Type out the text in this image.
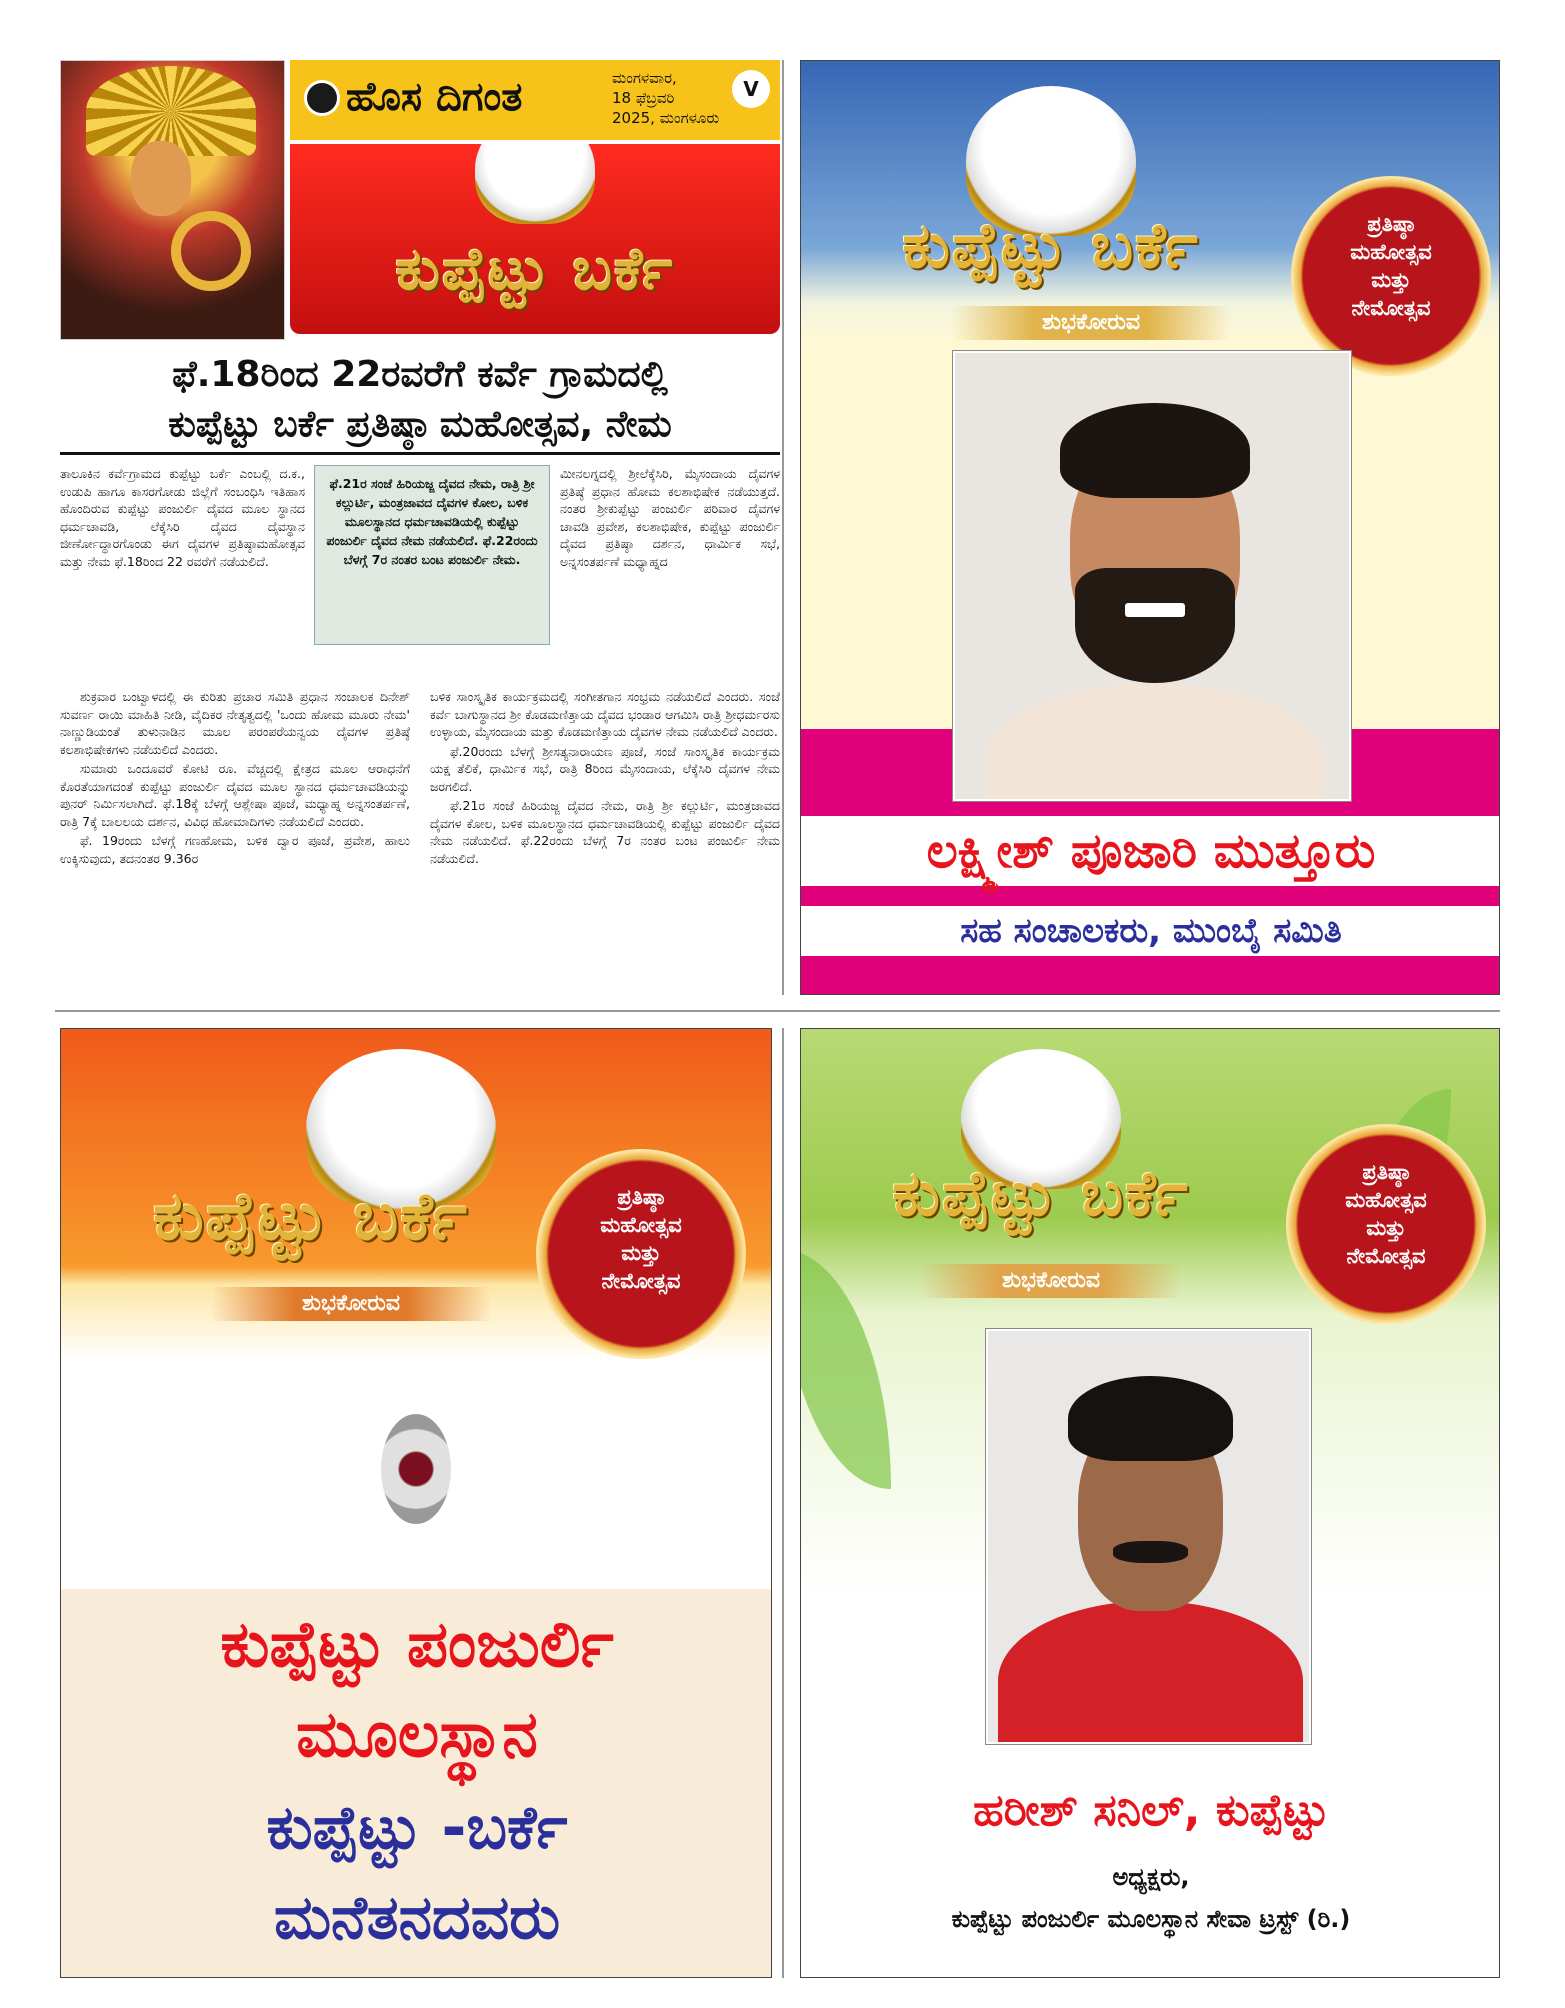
ಹೊಸ ದಿಗಂತ	ಮಂಗಳವಾರ,
18 ಫೆಬ್ರವರಿ
2025, ಮಂಗಳೂರು
V
ಕುಪ್ಪೆಟ್ಟು ಬರ್ಕೆ
ಫೆ.18ರಿಂದ 22ರವರೆಗೆ ಕರ್ವೆ ಗ್ರಾಮದಲ್ಲಿ
ಕುಪ್ಪೆಟ್ಟು ಬರ್ಕೆ ಪ್ರತಿಷ್ಠಾ ಮಹೋತ್ಸವ, ನೇಮ

ತಾಲೂಕಿನ ಕರ್ವೆಗ್ರಾಮದ ಕುಪ್ಪೆಟ್ಟು ಬರ್ಕೆ ಎಂಬಲ್ಲಿ ದ.ಕ., ಉಡುಪಿ ಹಾಗೂ ಕಾಸರಗೋಡು ಜಿಲ್ಲೆಗೆ ಸಂಬಂಧಿಸಿ ಇತಿಹಾಸ ಹೊಂದಿರುವ ಕುಪ್ಪೆಟ್ಟು ಪಂಜುರ್ಲಿ ದೈವದ ಮೂಲ ಸ್ಥಾನದ ಧರ್ಮಚಾವಡಿ, ಲೆಕ್ಕೆಸಿರಿ ದೈವದ ದೈವಸ್ಥಾನ ಜೀರ್ಣೋದ್ಧಾರಗೊಂಡು ಈಗ ದೈವಗಳ ಪ್ರತಿಷ್ಠಾಮಹೋತ್ಸವ ಮತ್ತು ನೇಮ ಫೆ.18ರಿಂದ 22 ರವರೆಗೆ ನಡೆಯಲಿದೆ.

ಫೆ.21ರ ಸಂಜೆ ಹಿರಿಯಜ್ಜ ದೈವದ ನೇಮ, ರಾತ್ರಿ ಶ್ರೀ ಕಲ್ಲುರ್ಟಿ, ಮಂತ್ರಜಾವದ ದೈವಗಳ ಕೋಲ, ಬಳಿಕ ಮೂಲಸ್ಥಾನದ ಧರ್ಮಚಾವಡಿಯಲ್ಲಿ ಕುಪ್ಪೆಟ್ಟು ಪಂಜುರ್ಲಿ ದೈವದ ನೇಮ ನಡೆಯಲಿದೆ. ಫೆ.22ರಂದು ಬೆಳಗ್ಗೆ 7ರ ನಂತರ ಬಂಟ ಪಂಜುರ್ಲಿ ನೇಮ.

ಮೀನಲಗ್ನದಲ್ಲಿ ಶ್ರೀಲೆಕ್ಕೆಸಿರಿ, ಮೈಸಂದಾಯ ದೈವಗಳ ಪ್ರತಿಷ್ಠೆ ಪ್ರಧಾನ ಹೋಮ ಕಲಶಾಭಿಷೇಕ ನಡೆಯುತ್ತದೆ. ನಂತರ ಶ್ರೀಕುಪ್ಪೆಟ್ಟು ಪಂಜುರ್ಲಿ ಪರಿವಾರ ದೈವಗಳ ಚಾವಡಿ ಪ್ರವೇಶ, ಕಲಶಾಭಿಷೇಕ, ಕುಪ್ಪೆಟ್ಟು ಪಂಜುರ್ಲಿ ದೈವದ ಪ್ರತಿಷ್ಠಾ ದರ್ಶನ, ಧಾರ್ಮಿಕ ಸಭೆ, ಅನ್ನಸಂತರ್ಪಣೆ ಮಧ್ಯಾಹ್ನದ

ಶುಕ್ರವಾರ ಬಂಟ್ವಾಳದಲ್ಲಿ ಈ ಕುರಿತು ಪ್ರಚಾರ ಸಮಿತಿ ಪ್ರಧಾನ ಸಂಚಾಲಕ ದಿನೇಶ್ ಸುವರ್ಣ ರಾಯಿ ಮಾಹಿತಿ ನೀಡಿ, ವೈದಿಕರ ನೇತೃತ್ವದಲ್ಲಿ 'ಒಂದು ಹೋಮ ಮೂರು ನೇಮ' ನಾಣ್ಣುಡಿಯಂತೆ ತುಳುನಾಡಿನ ಮೂಲ ಪರಂಪರೆಯನ್ವಯ ದೈವಗಳ ಪ್ರತಿಷ್ಠೆ ಕಲಶಾಭಿಷೇಕಗಳು ನಡೆಯಲಿದೆ ಎಂದರು.

ಸುಮಾರು ಒಂದೂವರೆ ಕೋಟಿ ರೂ. ವೆಚ್ಚದಲ್ಲಿ ಕ್ಷೇತ್ರದ ಮೂಲ ಆರಾಧನೆಗೆ ಕೊರತೆಯಾಗದಂತೆ ಕುಪ್ಪೆಟ್ಟು ಪಂಜುರ್ಲಿ ದೈವದ ಮೂಲ ಸ್ಥಾನದ ಧರ್ಮಚಾವಡಿಯನ್ನು ಪುನರ್ ನಿರ್ಮಿಸಲಾಗಿದೆ. ಫೆ.18ಕ್ಕೆ ಬೆಳಗ್ಗೆ ಆಶ್ಲೇಷಾ ಪೂಜೆ, ಮಧ್ಯಾಹ್ನ ಅನ್ನಸಂತರ್ಪಣೆ, ರಾತ್ರಿ 7ಕ್ಕೆ ಬಾಲಲಯ ದರ್ಶನ, ವಿವಿಧ ಹೋಮಾದಿಗಳು ನಡೆಯಲಿದೆ ಎಂದರು.

ಫೆ. 19ರಂದು ಬೆಳಗ್ಗೆ ಗಣಹೋಮ, ಬಳಿಕ ದ್ವಾರ ಪೂಜೆ, ಪ್ರವೇಶ, ಹಾಲು ಉಕ್ಕಿಸುವುದು, ತದನಂತರ 9.36ರ

ಬಳಿಕ ಸಾಂಸ್ಕೃತಿಕ ಕಾರ್ಯಕ್ರಮದಲ್ಲಿ ಸಂಗೀತಗಾನ ಸಂಭ್ರಮ ನಡೆಯಲಿದೆ ಎಂದರು. ಸಂಜೆ ಕರ್ವೆ ಬಾಗುಸ್ಥಾನದ ಶ್ರೀ ಕೊಡಮಣಿತ್ತಾಯ ದೈವದ ಭಂಡಾರ ಆಗಮಿಸಿ ರಾತ್ರಿ ಶ್ರೀಧರ್ಮರಸು ಉಳ್ಳಾಯ, ಮೈಸಂದಾಯ ಮತ್ತು ಕೊಡಮಣಿತ್ತಾಯ ದೈವಗಳ ನೇಮ ನಡೆಯಲಿದೆ ಎಂದರು.

ಫೆ.20ರಂದು ಬೆಳಗ್ಗೆ ಶ್ರೀಸತ್ಯನಾರಾಯಣ ಪೂಜೆ, ಸಂಜೆ ಸಾಂಸ್ಕೃತಿಕ ಕಾರ್ಯಕ್ರಮ ಯಕ್ಷ ತೆಲಿಕೆ, ಧಾರ್ಮಿಕ ಸಭೆ, ರಾತ್ರಿ 8ರಿಂದ ಮೈಸಂದಾಯ, ಲೆಕ್ಕೆಸಿರಿ ದೈವಗಳ ನೇಮ ಜರಗಲಿದೆ.

ಫೆ.21ರ ಸಂಜೆ ಹಿರಿಯಜ್ಜ ದೈವದ ನೇಮ, ರಾತ್ರಿ ಶ್ರೀ ಕಲ್ಲುರ್ಟಿ, ಮಂತ್ರಜಾವದ ದೈವಗಳ ಕೋಲ, ಬಳಿಕ ಮೂಲಸ್ಥಾನದ ಧರ್ಮಚಾವಡಿಯಲ್ಲಿ ಕುಪ್ಪೆಟ್ಟು ಪಂಜುರ್ಲಿ ದೈವದ ನೇಮ ನಡೆಯಲಿದೆ. ಫೆ.22ರಂದು ಬೆಳಗ್ಗೆ 7ರ ನಂತರ ಬಂಟ ಪಂಜುರ್ಲಿ ನೇಮ ನಡೆಯಲಿದೆ.

ಕುಪ್ಪೆಟ್ಟು ಬರ್ಕೆ	ಪ್ರತಿಷ್ಠಾ
ಮಹೋತ್ಸವ
ಮತ್ತು
ನೇಮೋತ್ಸವ
ಶುಭಕೋರುವ
ಲಕ್ಷ್ಮೀಶ್ ಪೂಜಾರಿ ಮುತ್ತೂರು
ಸಹ ಸಂಚಾಲಕರು, ಮುಂಬೈ ಸಮಿತಿ
ಕುಪ್ಪೆಟ್ಟು ಬರ್ಕೆ	ಪ್ರತಿಷ್ಠಾ
ಮಹೋತ್ಸವ
ಮತ್ತು
ನೇಮೋತ್ಸವ
ಶುಭಕೋರುವ
ಕುಪ್ಪೆಟ್ಟು ಪಂಜುರ್ಲಿ
ಮೂಲಸ್ಥಾನ
ಕುಪ್ಪೆಟ್ಟು -ಬರ್ಕೆ
ಮನೆತನದವರು
ಕುಪ್ಪೆಟ್ಟು ಬರ್ಕೆ	ಪ್ರತಿಷ್ಠಾ
ಮಹೋತ್ಸವ
ಮತ್ತು
ನೇಮೋತ್ಸವ
ಶುಭಕೋರುವ
ಹರೀಶ್ ಸನಿಲ್, ಕುಪ್ಪೆಟ್ಟು
ಅಧ್ಯಕ್ಷರು,
ಕುಪ್ಪೆಟ್ಟು ಪಂಜುರ್ಲಿ ಮೂಲಸ್ಥಾನ ಸೇವಾ ಟ್ರಸ್ಟ್ (ರಿ.)
